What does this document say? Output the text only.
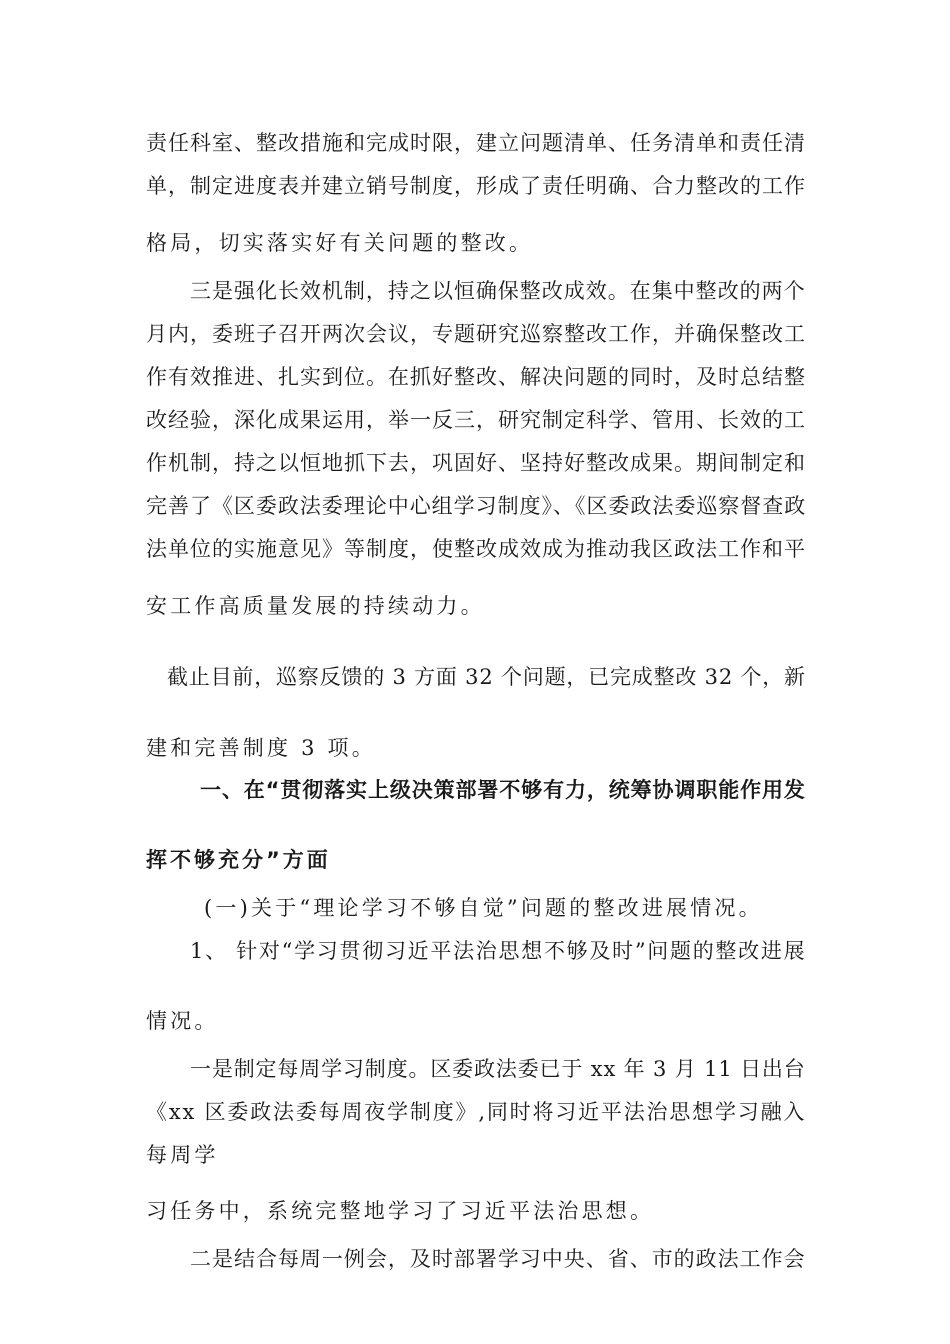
责任科室、整改措施和完成时限，建立问题清单、任务清单和责任清
单，制定进度表并建立销号制度，形成了责任明确、合力整改的工作
格局，切实落实好有关问题的整改。
三是强化长效机制，持之以恒确保整改成效。在集中整改的两个
月内，委班子召开两次会议，专题研究巡察整改工作，并确保整改工
作有效推进、扎实到位。在抓好整改、解决问题的同时，及时总结整
改经验，深化成果运用，举一反三，研究制定科学、管用、长效的工
作机制，持之以恒地抓下去，巩固好、坚持好整改成果。期间制定和
完善了《区委政法委理论中心组学习制度》、《区委政法委巡察督查政
法单位的实施意见》等制度，使整改成效成为推动我区政法工作和平
安工作高质量发展的持续动力。
截止目前，巡察反馈的 3 方面 32 个问题，已完成整改 32 个，新
建和完善制度 3 项。
一、在“贯彻落实上级决策部署不够有力，统筹协调职能作用发
挥不够充分”方面
(一)关于“理论学习不够自觉”问题的整改进展情况。
1、 针对“学习贯彻习近平法治思想不够及时”问题的整改进展
情况。
一是制定每周学习制度。区委政法委已于 xx 年 3 月 11 日出台
《xx 区委政法委每周夜学制度》,同时将习近平法治思想学习融入
每周学
习任务中，系统完整地学习了习近平法治思想。
二是结合每周一例会，及时部署学习中央、省、市的政法工作会
